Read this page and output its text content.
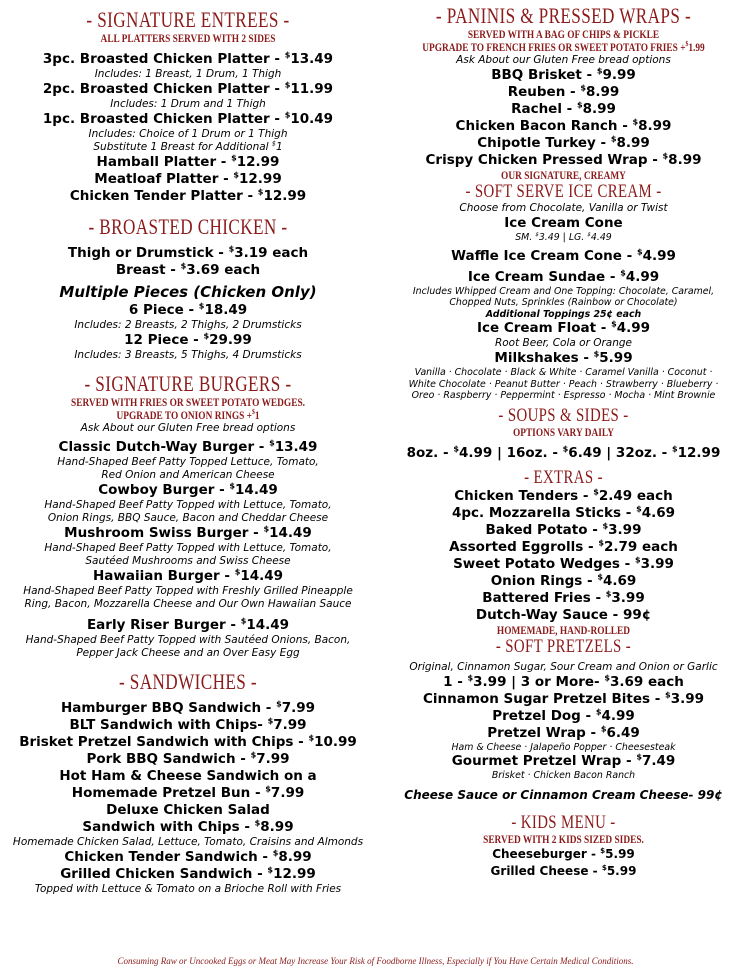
- SIGNATURE ENTREES -
ALL PLATTERS SERVED WITH 2 SIDES
3pc. Broasted Chicken Platter - $13.49
Includes: 1 Breast, 1 Drum, 1 Thigh
2pc. Broasted Chicken Platter - $11.99
Includes: 1 Drum and 1 Thigh
1pc. Broasted Chicken Platter - $10.49
Includes: Choice of 1 Drum or 1 Thigh
Substitute 1 Breast for Additional $1
Hamball Platter - $12.99
Meatloaf Platter - $12.99
Chicken Tender Platter - $12.99
- BROASTED CHICKEN -
Thigh or Drumstick - $3.19 each
Breast - $3.69 each
Multiple Pieces (Chicken Only)
6 Piece - $18.49
Includes: 2 Breasts, 2 Thighs, 2 Drumsticks
12 Piece - $29.99
Includes: 3 Breasts, 5 Thighs, 4 Drumsticks
- SIGNATURE BURGERS -
SERVED WITH FRIES OR SWEET POTATO WEDGES.
UPGRADE TO ONION RINGS +$1
Ask About our Gluten Free bread options
Classic Dutch-Way Burger - $13.49
Hand-Shaped Beef Patty Topped Lettuce, Tomato,
Red Onion and American Cheese
Cowboy Burger - $14.49
Hand-Shaped Beef Patty Topped with Lettuce, Tomato,
Onion Rings, BBQ Sauce, Bacon and Cheddar Cheese
Mushroom Swiss Burger - $14.49
Hand-Shaped Beef Patty Topped with Lettuce, Tomato,
Sautéed Mushrooms and Swiss Cheese
Hawaiian Burger - $14.49
Hand-Shaped Beef Patty Topped with Freshly Grilled Pineapple
Ring, Bacon, Mozzarella Cheese and Our Own Hawaiian Sauce
Early Riser Burger - $14.49
Hand-Shaped Beef Patty Topped with Sautéed Onions, Bacon,
Pepper Jack Cheese and an Over Easy Egg
- SANDWICHES -
Hamburger BBQ Sandwich - $7.99
BLT Sandwich with Chips- $7.99
Brisket Pretzel Sandwich with Chips - $10.99
Pork BBQ Sandwich - $7.99
Hot Ham & Cheese Sandwich on a
Homemade Pretzel Bun - $7.99
Deluxe Chicken Salad
Sandwich with Chips - $8.99
Homemade Chicken Salad, Lettuce, Tomato, Craisins and Almonds
Chicken Tender Sandwich - $8.99
Grilled Chicken Sandwich - $12.99
Topped with Lettuce & Tomato on a Brioche Roll with Fries
- PANINIS & PRESSED WRAPS -
SERVED WITH A BAG OF CHIPS & PICKLE
UPGRADE TO FRENCH FRIES OR SWEET POTATO FRIES +$1.99
Ask About our Gluten Free bread options
BBQ Brisket - $9.99
Reuben - $8.99
Rachel - $8.99
Chicken Bacon Ranch - $8.99
Chipotle Turkey - $8.99
Crispy Chicken Pressed Wrap - $8.99
OUR SIGNATURE, CREAMY
- SOFT SERVE ICE CREAM -
Choose from Chocolate, Vanilla or Twist
Ice Cream Cone
SM. $3.49 | LG. $4.49
Waffle Ice Cream Cone - $4.99
Ice Cream Sundae - $4.99
Includes Whipped Cream and One Topping: Chocolate, Caramel,
Chopped Nuts, Sprinkles (Rainbow or Chocolate)
Additional Toppings 25¢ each
Ice Cream Float - $4.99
Root Beer, Cola or Orange
Milkshakes - $5.99
Vanilla · Chocolate · Black & White · Caramel Vanilla · Coconut ·
White Chocolate · Peanut Butter · Peach · Strawberry · Blueberry ·
Oreo · Raspberry · Peppermint · Espresso · Mocha · Mint Brownie
- SOUPS & SIDES -
OPTIONS VARY DAILY
8oz. - $4.99 | 16oz. - $6.49 | 32oz. - $12.99
- EXTRAS -
Chicken Tenders - $2.49 each
4pc. Mozzarella Sticks - $4.69
Baked Potato - $3.99
Assorted Eggrolls - $2.79 each
Sweet Potato Wedges - $3.99
Onion Rings - $4.69
Battered Fries - $3.99
Dutch-Way Sauce - 99¢
HOMEMADE, HAND-ROLLED
- SOFT PRETZELS -
Original, Cinnamon Sugar, Sour Cream and Onion or Garlic
1 - $3.99 | 3 or More- $3.69 each
Cinnamon Sugar Pretzel Bites - $3.99
Pretzel Dog - $4.99
Pretzel Wrap - $6.49
Ham & Cheese · Jalapeño Popper · Cheesesteak
Gourmet Pretzel Wrap - $7.49
Brisket · Chicken Bacon Ranch
Cheese Sauce or Cinnamon Cream Cheese- 99¢
- KIDS MENU -
SERVED WITH 2 KIDS SIZED SIDES.
Cheeseburger - $5.99
Grilled Cheese - $5.99
Consuming Raw or Uncooked Eggs or Meat May Increase Your Risk of Foodborne Illness, Especially if You Have Certain Medical Conditions.
